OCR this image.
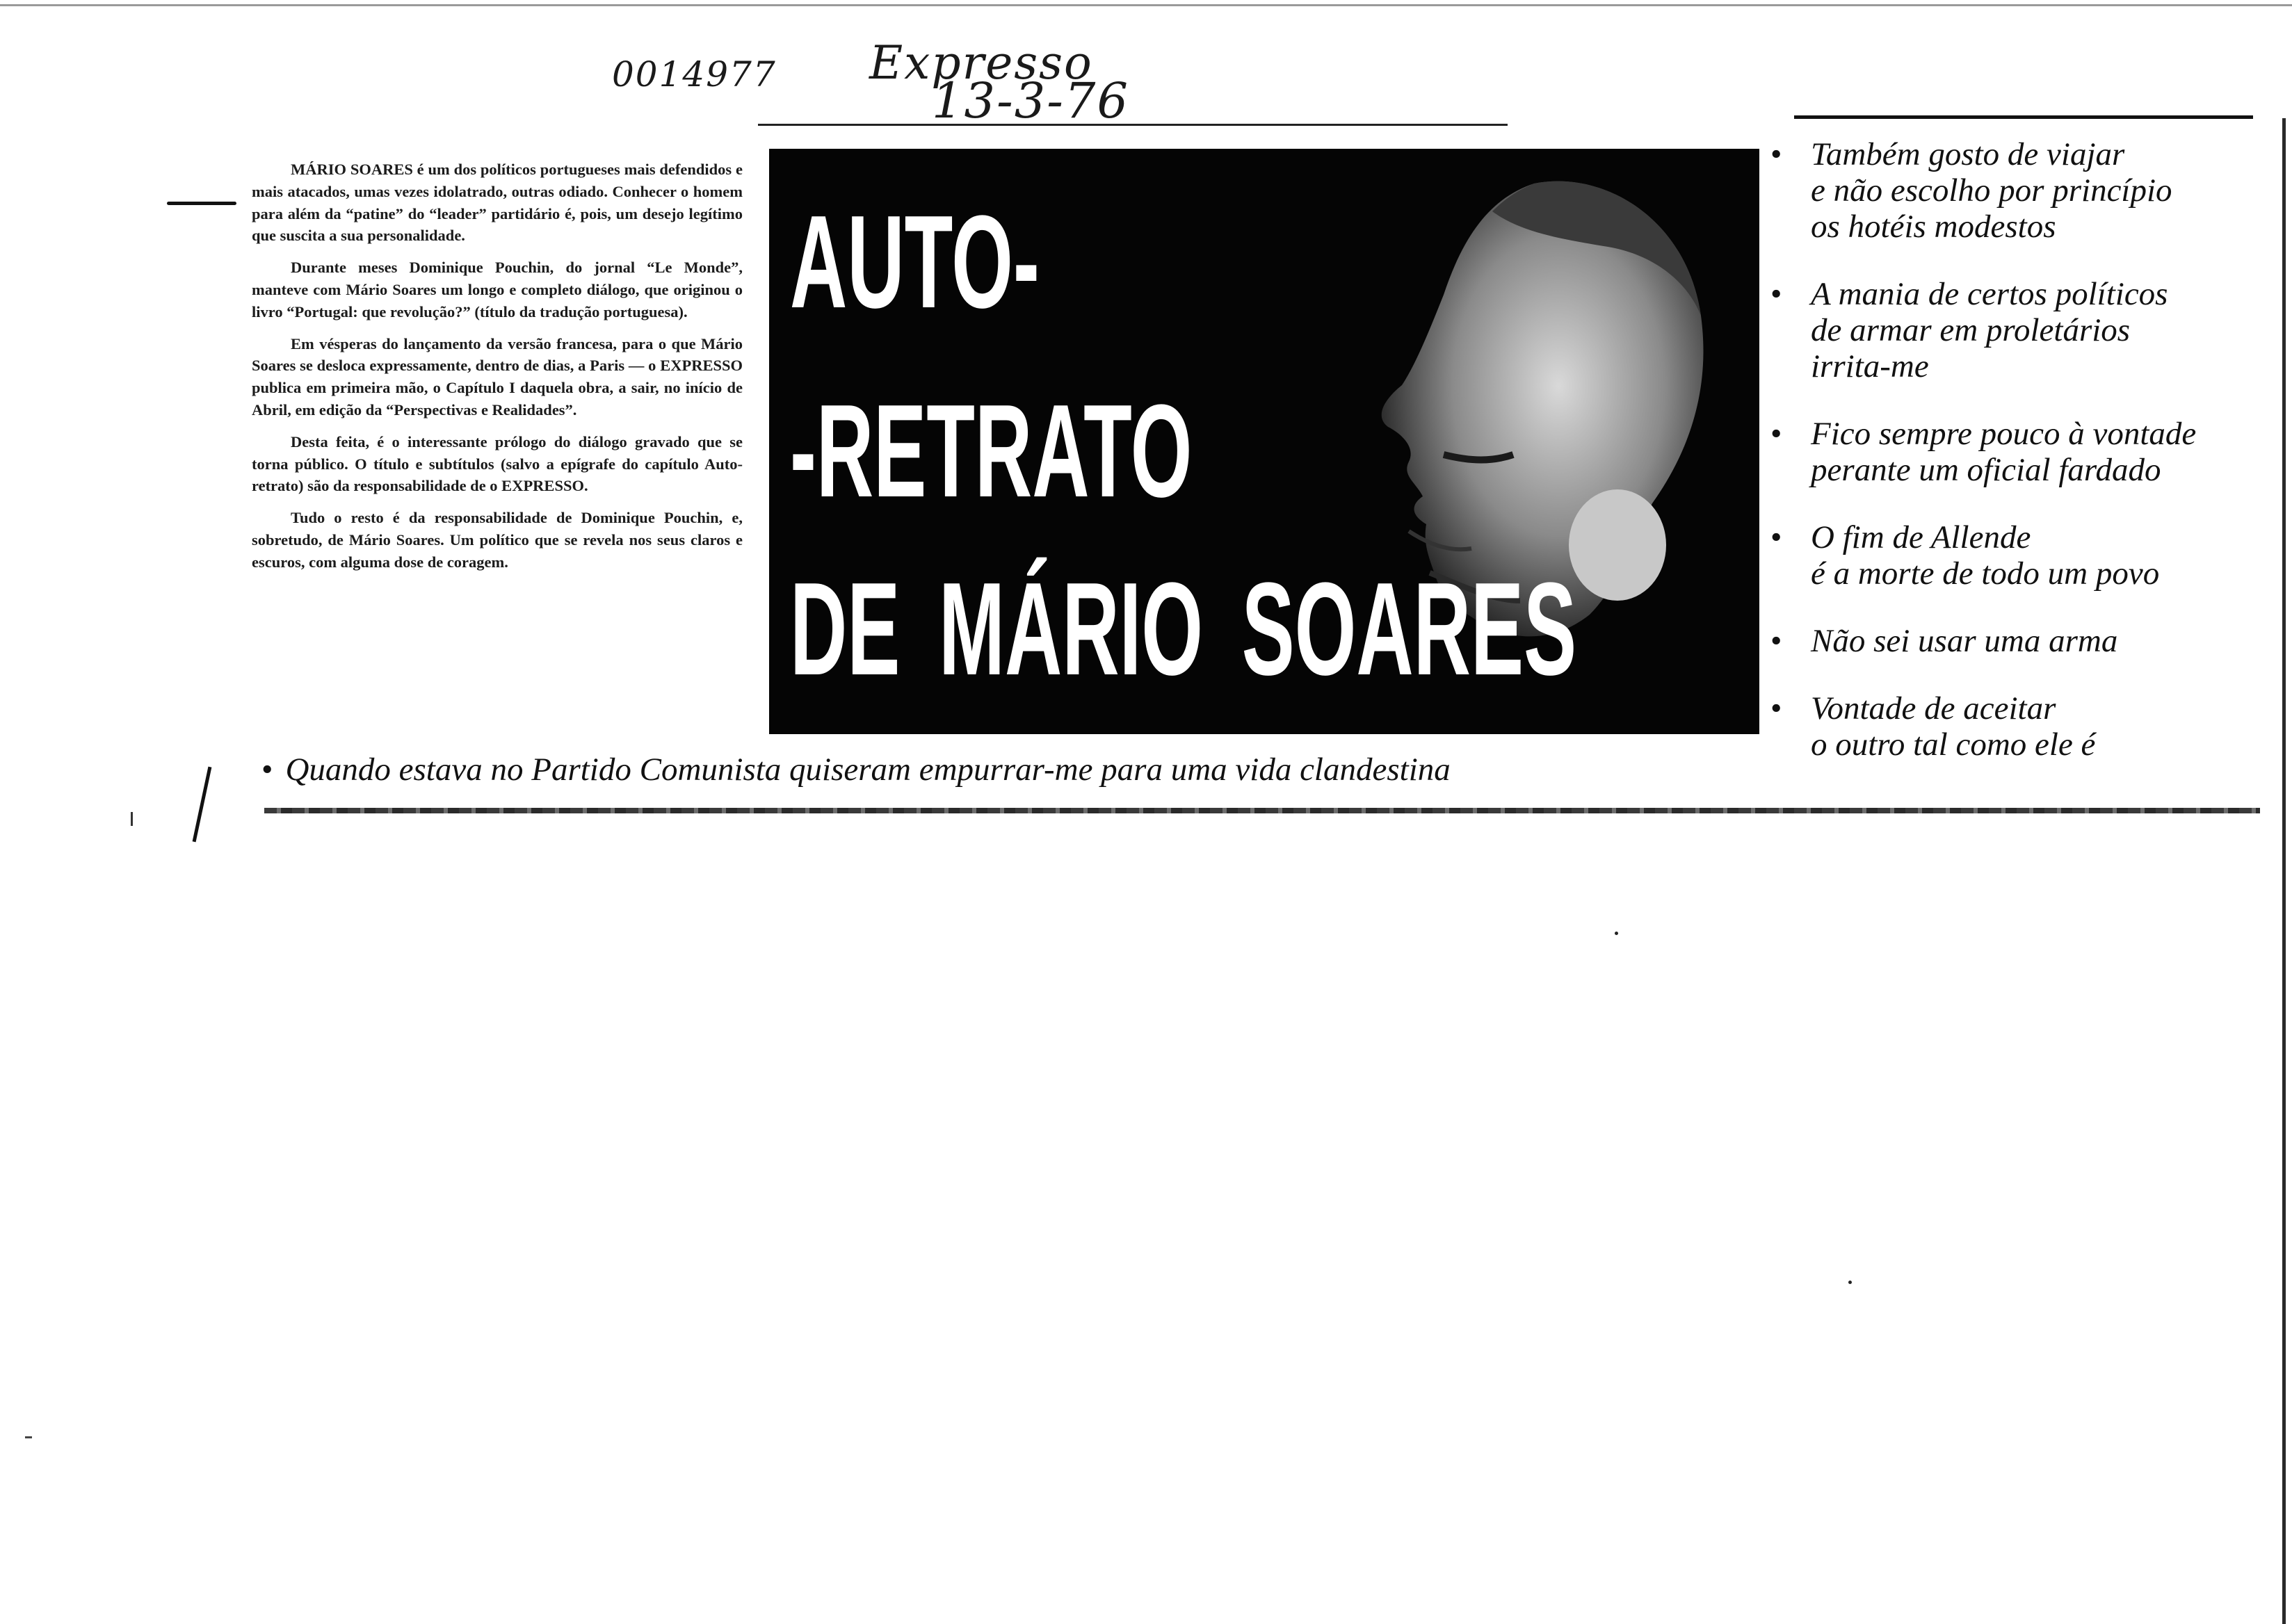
0014977 Expresso
13-3-76

MÁRIO SOARES é um dos políticos portugueses mais defendidos e mais atacados, umas vezes idolatrado, outras odiado. Conhecer o homem para além da “patine” do “leader” partidário é, pois, um desejo legítimo que suscita a sua personalidade.

Durante meses Dominique Pouchin, do jornal “Le Monde”, manteve com Mário Soares um longo e completo diálogo, que originou o livro “Portugal: que revolução?” (título da tradução portuguesa).

Em vésperas do lançamento da versão francesa, para o que Mário Soares se desloca expressamente, dentro de dias, a Paris — o EXPRESSO publica em primeira mão, o Capítulo I daquela obra, a sair, no início de Abril, em edição da “Perspectivas e Realidades”.

Desta feita, é o interessante prólogo do diálogo gravado que se torna público. O título e subtítulos (salvo a epígrafe do capítulo Auto-retrato) são da responsabilidade de o EXPRESSO.

Tudo o resto é da responsabilidade de Dominique Pouchin, e, sobretudo, de Mário Soares. Um político que se revela nos seus claros e escuros, com alguma dose de coragem.

AUTO-
-RETRATO
DE MÁRIO SOARES
• Também gosto de viajar
e não escolho por princípio
os hotéis modestos
• A mania de certos políticos
de armar em proletários
irrita-me
• Fico sempre pouco à vontade
perante um oficial fardado
• O fim de Allende
é a morte de todo um povo
• Não sei usar uma arma
• Vontade de aceitar
o outro tal como ele é
• Quando estava no Partido Comunista quiseram empurrar-me para uma vida clandestina
